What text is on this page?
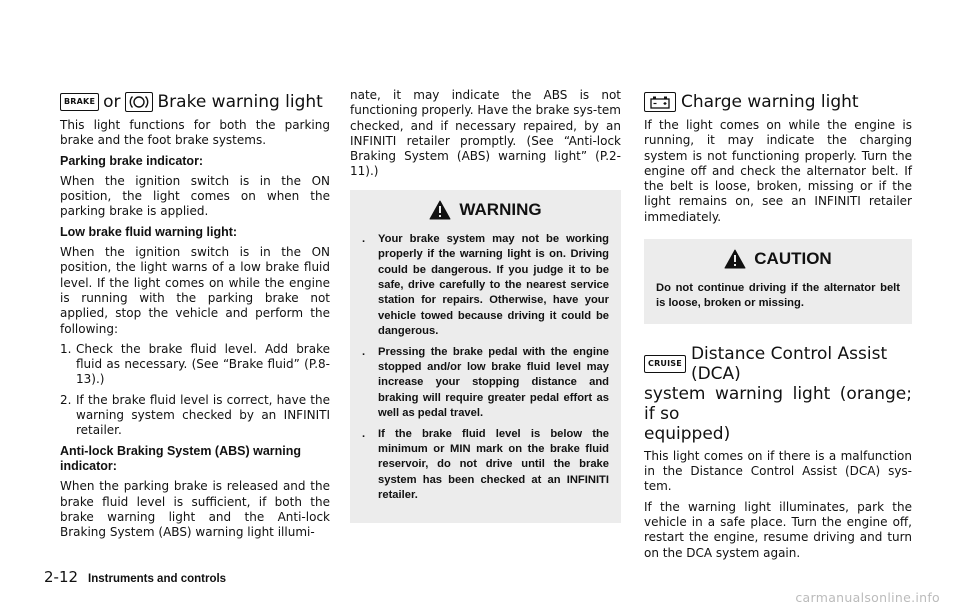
BRAKE or Brake warning light

This light functions for both the parking brake and the foot brake systems.

Parking brake indicator:

When the ignition switch is in the ON position, the light comes on when the parking brake is applied.

Low brake fluid warning light:

When the ignition switch is in the ON position, the light warns of a low brake fluid level. If the light comes on while the engine is running with the parking brake not applied, stop the vehicle and perform the following:

1. Check the brake fluid level. Add brake fluid as necessary. (See “Brake fluid” (P.8-13).)
2. If the brake fluid level is correct, have the warning system checked by an INFINITI retailer.

Anti-lock Braking System (ABS) warning

indicator:

When the parking brake is released and the brake fluid level is sufficient, if both the brake warning light and the Anti-lock Braking System (ABS) warning light illumi-

nate, it may indicate the ABS is not functioning properly. Have the brake sys-tem checked, and if necessary repaired, by an INFINITI retailer promptly. (See “Anti-lock Braking System (ABS) warning light” (P.2-11).)

WARNING
. Your brake system may not be working properly if the warning light is on. Driving could be dangerous. If you judge it to be safe, drive carefully to the nearest service station for repairs. Otherwise, have your vehicle towed because driving it could be dangerous.
. Pressing the brake pedal with the engine stopped and/or low brake fluid level may increase your stopping distance and braking will require greater pedal effort as well as pedal travel.
. If the brake fluid level is below the minimum or MIN mark on the brake fluid reservoir, do not drive until the brake system has been checked at an INFINITI retailer.
Charge warning light

If the light comes on while the engine is running, it may indicate the charging system is not functioning properly. Turn the engine off and check the alternator belt. If the belt is loose, broken, missing or if the light remains on, see an INFINITI retailer immediately.

CAUTION

Do not continue driving if the alternator belt is loose, broken or missing.

CRUISE Distance Control Assist (DCA)

system warning light (orange; if so

equipped)

This light comes on if there is a malfunction in the Distance Control Assist (DCA) sys-tem.

If the warning light illuminates, park the vehicle in a safe place. Turn the engine off, restart the engine, resume driving and turn on the DCA system again.

2-12 Instruments and controls
carmanualsonline.info
